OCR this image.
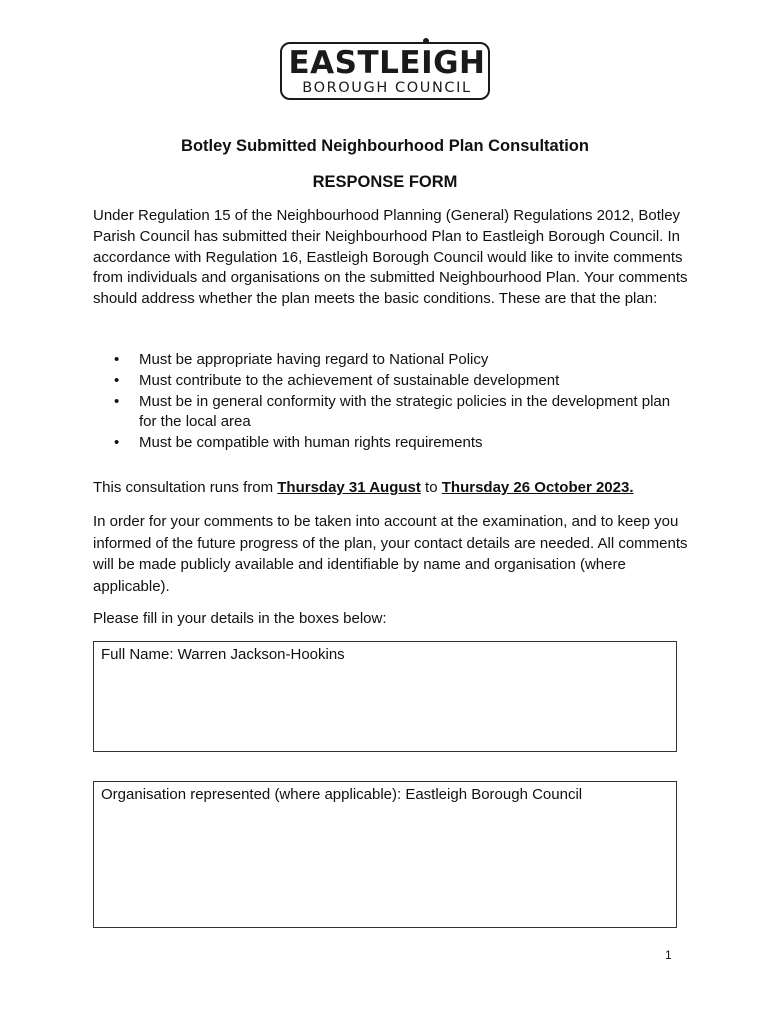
EASTLEIGH
BOROUGH COUNCIL
Botley Submitted Neighbourhood Plan Consultation
RESPONSE FORM
Under Regulation 15 of the Neighbourhood Planning (General) Regulations 2012, Botley Parish Council has submitted their Neighbourhood Plan to Eastleigh Borough Council. In accordance with Regulation 16, Eastleigh Borough Council would like to invite comments from individuals and organisations on the submitted Neighbourhood Plan. Your comments should address whether the plan meets the basic conditions. These are that the plan:
• Must be appropriate having regard to National Policy
• Must contribute to the achievement of sustainable development
• Must be in general conformity with the strategic policies in the development plan for the local area
• Must be compatible with human rights requirements
This consultation runs from Thursday 31 August to Thursday 26 October 2023.
In order for your comments to be taken into account at the examination, and to keep you informed of the future progress of the plan, your contact details are needed. All comments will be made publicly available and identifiable by name and organisation (where applicable).
Please fill in your details in the boxes below:
Full Name: Warren Jackson-Hookins
Organisation represented (where applicable): Eastleigh Borough Council
1
